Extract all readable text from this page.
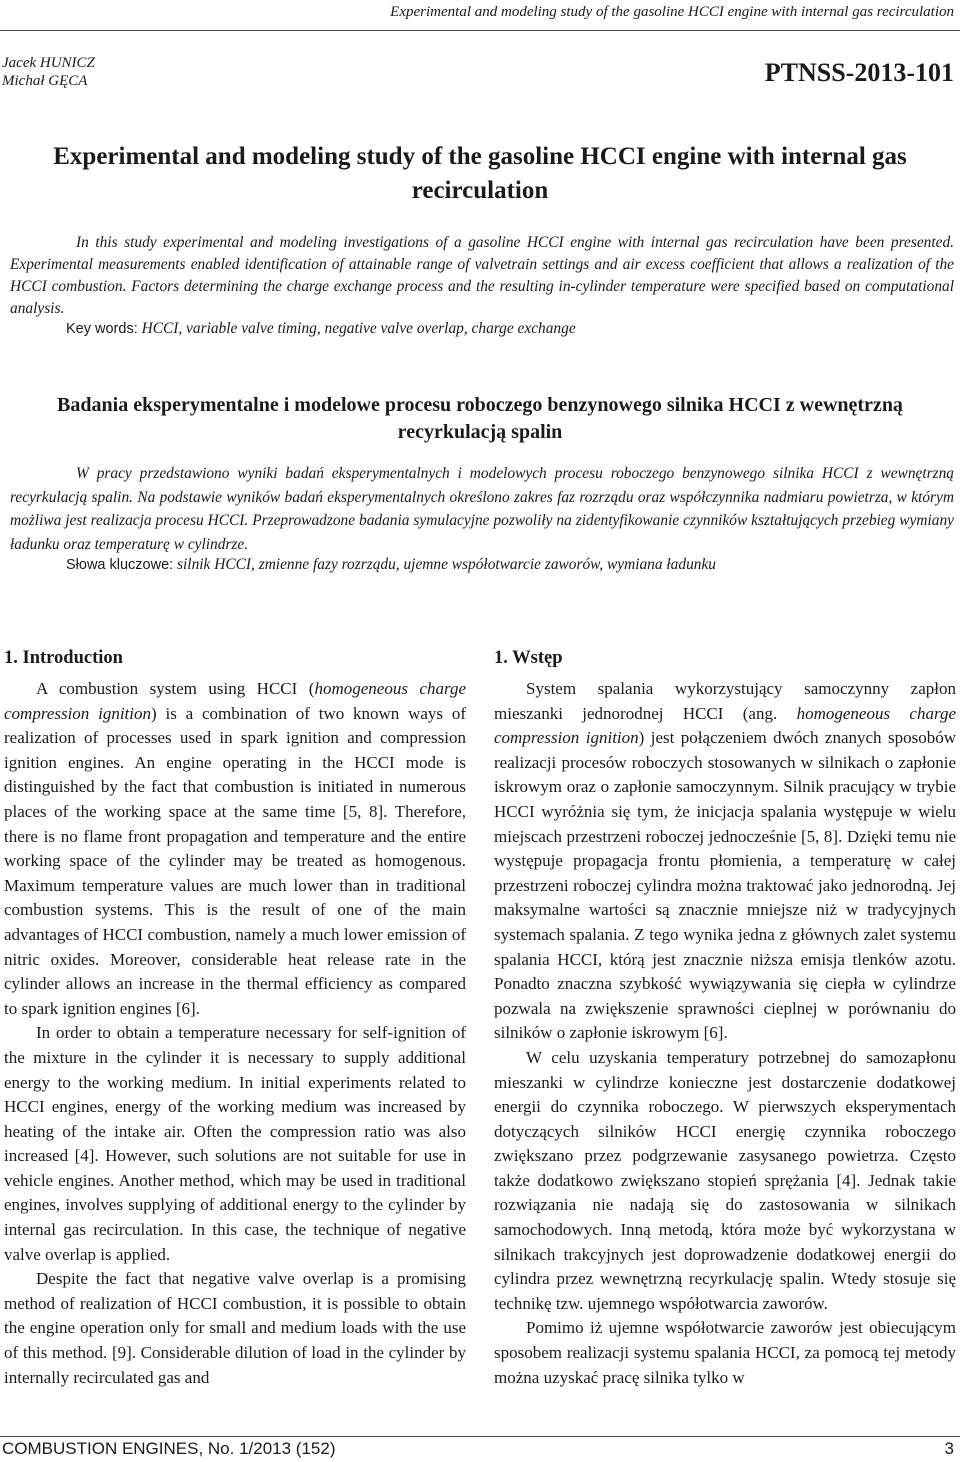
Experimental and modeling study of the gasoline HCCI engine with internal gas recirculation
Jacek HUNICZ
Michał GĘCA	PTNSS-2013-101
Experimental and modeling study of the gasoline HCCI engine with internal gas recirculation
In this study experimental and modeling investigations of a gasoline HCCI engine with internal gas recirculation have been presented. Experimental measurements enabled identification of attainable range of valvetrain settings and air excess coefficient that allows a realization of the HCCI combustion. Factors determining the charge exchange process and the resulting in-cylinder temperature were specified based on computational analysis.
Key words: HCCI, variable valve timing, negative valve overlap, charge exchange
Badania eksperymentalne i modelowe procesu roboczego benzynowego silnika HCCI z wewnętrzną recyrkulacją spalin
W pracy przedstawiono wyniki badań eksperymentalnych i modelowych procesu roboczego benzynowego silnika HCCI z wewnętrzną recyrkulacją spalin. Na podstawie wyników badań eksperymentalnych określono zakres faz rozrządu oraz współczynnika nadmiaru powietrza, w którym możliwa jest realizacja procesu HCCI. Przeprowadzone badania symulacyjne pozwoliły na zidentyfikowanie czynników kształtujących przebieg wymiany ładunku oraz temperaturę w cylindrze.
Słowa kluczowe: silnik HCCI, zmienne fazy rozrządu, ujemne współotwarcie zaworów, wymiana ładunku
1. Introduction

A combustion system using HCCI (homogeneous charge compression ignition) is a combination of two known ways of realization of processes used in spark ignition and compression ignition engines. An engine operating in the HCCI mode is distinguished by the fact that combustion is initiated in numerous places of the working space at the same time [5, 8]. Therefore, there is no flame front propagation and temperature and the entire working space of the cylinder may be treated as homogenous. Maximum temperature values are much lower than in traditional combustion systems. This is the result of one of the main advantages of HCCI combustion, namely a much lower emission of nitric oxides. Moreover, considerable heat release rate in the cylinder allows an increase in the thermal efficiency as compared to spark ignition engines [6].

In order to obtain a temperature necessary for self-ignition of the mixture in the cylinder it is necessary to supply additional energy to the working medium. In initial experiments related to HCCI engines, energy of the working medium was increased by heating of the intake air. Often the compression ratio was also increased [4]. However, such solutions are not suitable for use in vehicle engines. Another method, which may be used in traditional engines, involves supplying of additional energy to the cylinder by internal gas recirculation. In this case, the technique of negative valve overlap is applied.

Despite the fact that negative valve overlap is a promising method of realization of HCCI combustion, it is possible to obtain the engine operation only for small and medium loads with the use of this method. [9]. Considerable dilution of load in the cylinder by internally recirculated gas and

1. Wstęp

System spalania wykorzystujący samoczynny zapłon mieszanki jednorodnej HCCI (ang. homogeneous charge compression ignition) jest połączeniem dwóch znanych sposobów realizacji procesów roboczych stosowanych w silnikach o zapłonie iskrowym oraz o zapłonie samoczynnym. Silnik pracujący w trybie HCCI wyróżnia się tym, że inicjacja spalania występuje w wielu miejscach przestrzeni roboczej jednocześnie [5, 8]. Dzięki temu nie występuje propagacja frontu płomienia, a temperaturę w całej przestrzeni roboczej cylindra można traktować jako jednorodną. Jej maksymalne wartości są znacznie mniejsze niż w tradycyjnych systemach spalania. Z tego wynika jedna z głównych zalet systemu spalania HCCI, którą jest znacznie niższa emisja tlenków azotu. Ponadto znaczna szybkość wywiązywania się ciepła w cylindrze pozwala na zwiększenie sprawności cieplnej w porównaniu do silników o zapłonie iskrowym [6].

W celu uzyskania temperatury potrzebnej do samozapłonu mieszanki w cylindrze konieczne jest dostarczenie dodatkowej energii do czynnika roboczego. W pierwszych eksperymentach dotyczących silników HCCI energię czynnika roboczego zwiększano przez podgrzewanie zasysanego powietrza. Często także dodatkowo zwiększano stopień sprężania [4]. Jednak takie rozwiązania nie nadają się do zastosowania w silnikach samochodowych. Inną metodą, która może być wykorzystana w silnikach trakcyjnych jest doprowadzenie dodatkowej energii do cylindra przez wewnętrzną recyrkulację spalin. Wtedy stosuje się technikę tzw. ujemnego współotwarcia zaworów.

Pomimo iż ujemne współotwarcie zaworów jest obiecującym sposobem realizacji systemu spalania HCCI, za pomocą tej metody można uzyskać pracę silnika tylko w

COMBUSTION ENGINES, No. 1/2013 (152)	3
